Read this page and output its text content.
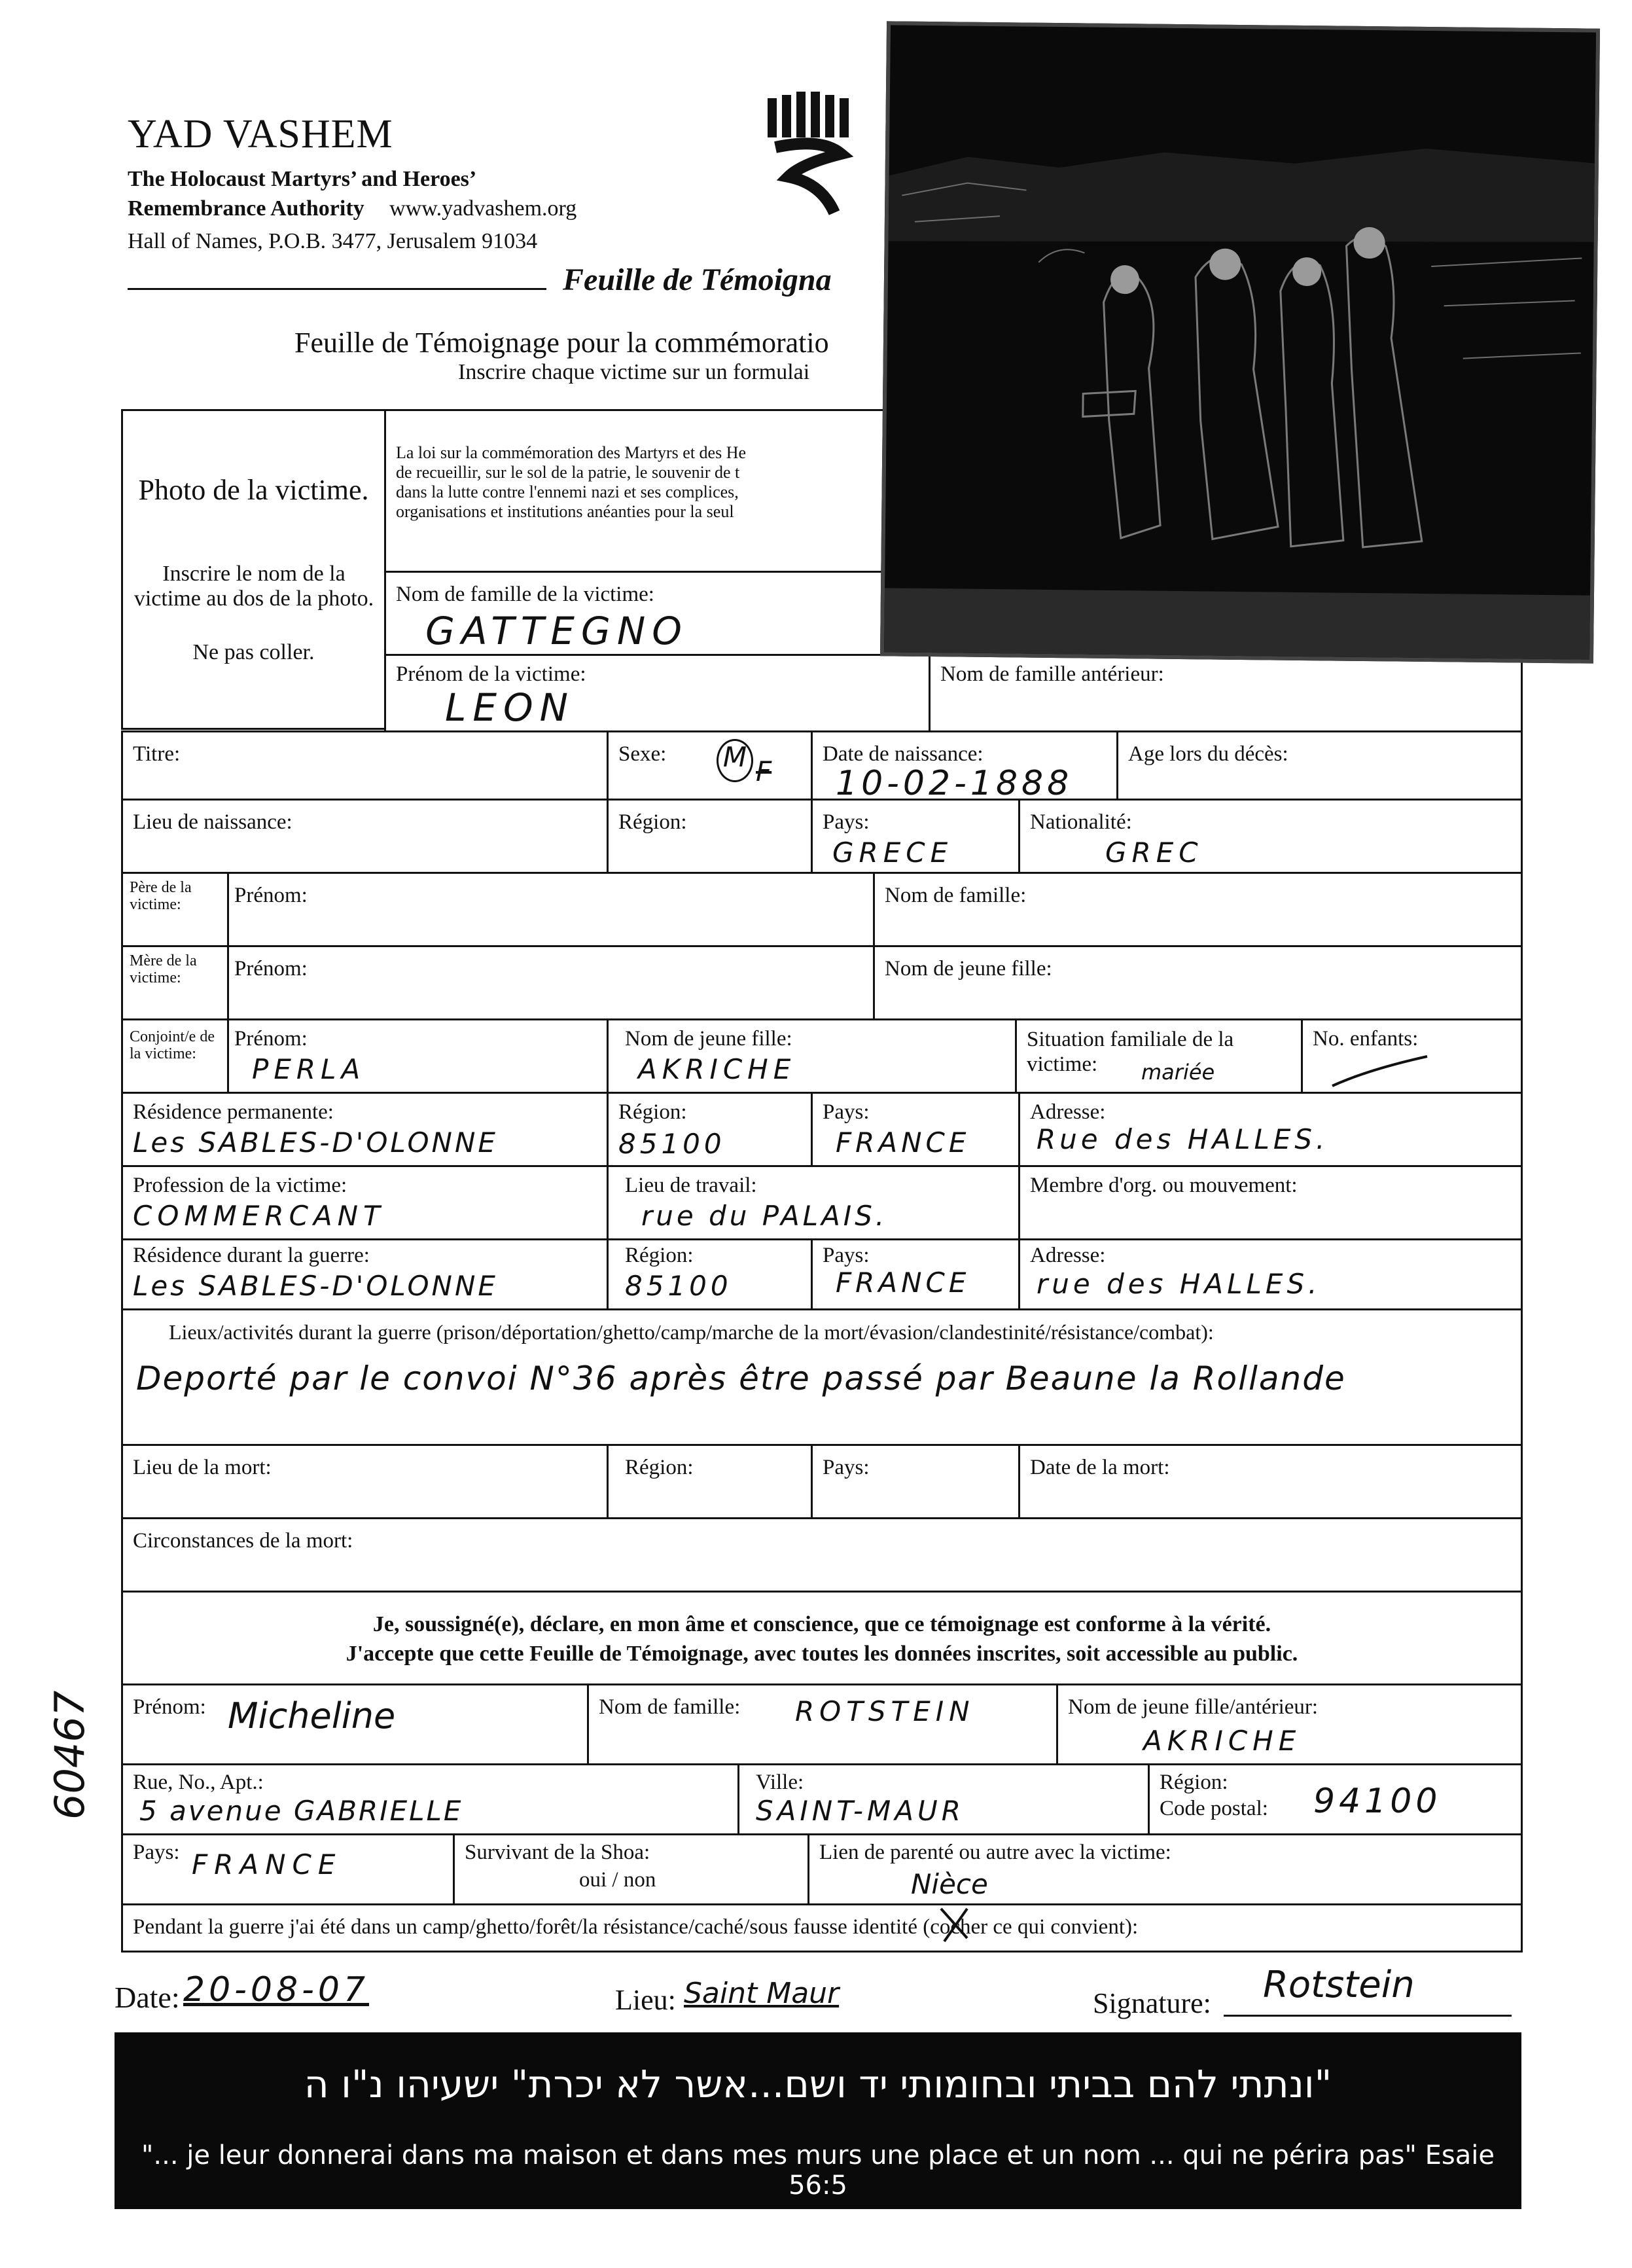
YAD VASHEM
The Holocaust Martyrs’ and Heroes’
Remembrance Authority www.yadvashem.org
Hall of Names, P.O.B. 3477, Jerusalem 91034
Feuille de Témoigna
Feuille de Témoignage pour la commémoratio
Inscrire chaque victime sur un formulai
Photo de la victime.
Inscrire le nom de la victime au dos de la photo.
Ne pas coller.
La loi sur la commémoration des Martyrs et des He
de recueillir, sur le sol de la patrie, le souvenir de t
dans la lutte contre l'ennemi nazi et ses complices,
organisations et institutions anéanties pour la seul
Nom de famille de la victime:
GATTEGNO
Prénom de la victime:
LEON
Nom de famille antérieur:
Titre:	Sexe: M F
Date de naissance:
10-02-1888
Age lors du décès:
Lieu de naissance:	Région:	Pays:
GRECE
Nationalité:
GREC
Père de la victime:	Prénom:	Nom de famille:
Mère de la victime:	Prénom:	Nom de jeune fille:
Conjoint/e de la victime:
Prénom:
PERLA
Nom de jeune fille:
AKRICHE
Situation familiale de la victime:	mariée
No. enfants:
Résidence permanente:
Les SABLES-D'OLONNE
Région:
85100
Pays:
FRANCE
Adresse:
Rue des HALLES.
Profession de la victime:
COMMERCANT
Lieu de travail:
rue du PALAIS.
Membre d'org. ou mouvement:
Résidence durant la guerre:
Les SABLES-D'OLONNE
Région:
85100
Pays:
FRANCE
Adresse:
rue des HALLES.
Lieux/activités durant la guerre (prison/déportation/ghetto/camp/marche de la mort/évasion/clandestinité/résistance/combat):
Deporté par le convoi N°36 après être passé par Beaune la Rollande
Lieu de la mort:	Région:	Pays:	Date de la mort:
Circonstances de la mort:
Je, soussigné(e), déclare, en mon âme et conscience, que ce témoignage est conforme à la vérité.
J'accepte que cette Feuille de Témoignage, avec toutes les données inscrites, soit accessible au public.
Prénom: Micheline	Nom de famille: ROTSTEIN	Nom de jeune fille/antérieur:
AKRICHE
Rue, No., Apt.:
5 avenue GABRIELLE
Ville:
SAINT-MAUR
Région:
Code postal: 94100
Pays: FRANCE	Survivant de la Shoa:
oui / non
Lien de parenté ou autre avec la victime:
Nièce
Pendant la guerre j'ai été dans un camp/ghetto/forêt/la résistance/caché/sous fausse identité (cocher ce qui convient):
Date: 20-08-07	Lieu: Saint Maur	Signature: Rotstein
"ונתתי להם בביתי ובחומותי יד ושם...אשר לא יכרת" ישעיהו נ"ו ה
"... je leur donnerai dans ma maison et dans mes murs une place et un nom ... qui ne périra pas" Esaie 56:5
60467
